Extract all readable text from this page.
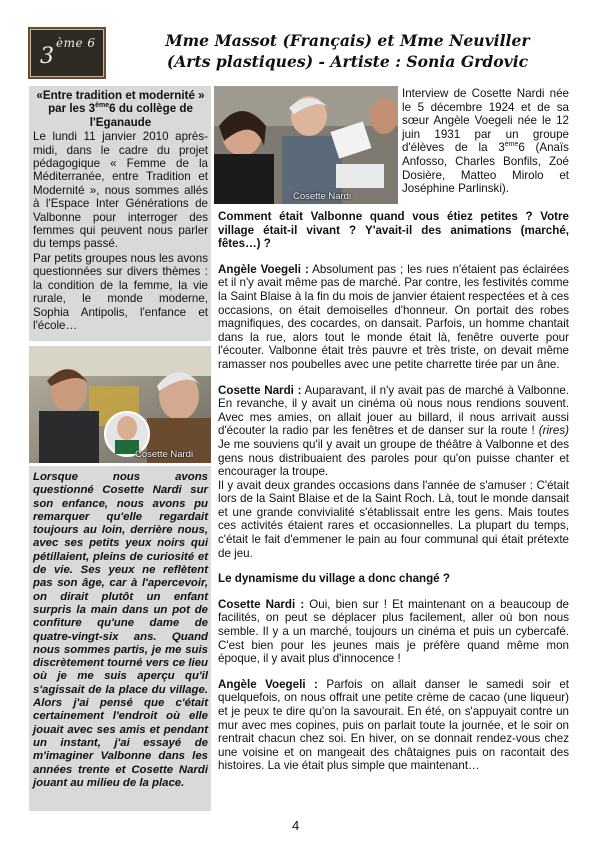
ème 6
3
Mme Massot (Français) et Mme Neuviller
(Arts plastiques) - Artiste : Sonia Grdovic

«Entre tradition et modernité »
par les 3ème6 du collège de l'Eganaude

Le lundi 11 janvier 2010 après-midi, dans le cadre du projet pédagogique « Femme de la Méditerranée, entre Tradition et Modernité », nous sommes allés à l'Espace Inter Générations de Valbonne pour interroger des femmes qui peuvent nous parler du temps passé.

Par petits groupes nous les avons questionnées sur divers thèmes : la condition de la femme, la vie rurale, le monde moderne, Sophia Antipolis, l'enfance et l'école…

Cosette Nardi
Lorsque nous avons questionné Cosette Nardi sur son enfance, nous avons pu remarquer qu'elle regardait toujours au loin, derrière nous, avec ses petits yeux noirs qui pétillaient, pleins de curiosité et de vie. Ses yeux ne reflètent pas son âge, car à l'apercevoir, on dirait plutôt un enfant surpris la main dans un pot de confiture qu'une dame de quatre-vingt-six ans. Quand nous sommes partis, je me suis discrètement tourné vers ce lieu où je me suis aperçu qu'il s'agissait de la place du village. Alors j'ai pensé que c'était certainement l'endroit où elle jouait avec ses amis et pendant un instant, j'ai essayé de m'imaginer Valbonne dans les années trente et Cosette Nardi jouant au milieu de la place.
Cosette Nardi
Interview de Cosette Nardi née le 5 décembre 1924 et de sa sœur Angèle Voegeli née le 12 juin 1931 par un groupe d'élèves de la 3ème6 (Anaïs Anfosso, Charles Bonfils, Zoé Dosière, Matteo Mirolo et Joséphine Parlinski).

Comment était Valbonne quand vous étiez petites ? Votre village était-il vivant ? Y'avait-il des animations (marché, fêtes…) ?

Angèle Voegeli : Absolument pas ; les rues n'étaient pas éclairées et il n'y avait même pas de marché. Par contre, les festivités comme la Saint Blaise à la fin du mois de janvier étaient respectées et à ces occasions, on était demoiselles d'honneur. On portait des robes magnifiques, des cocardes, on dansait. Parfois, un homme chantait dans la rue, alors tout le monde était là, fenêtre ouverte pour l'écouter. Valbonne était très pauvre et très triste, on devait même ramasser nos poubelles avec une petite charrette tirée par un âne.

Cosette Nardi : Auparavant, il n'y avait pas de marché à Valbonne. En revanche, il y avait un cinéma où nous nous rendions souvent. Avec mes amies, on allait jouer au billard, il nous arrivait aussi d'écouter la radio par les fenêtres et de danser sur la route ! (rires) Je me souviens qu'il y avait un groupe de théâtre à Valbonne et des gens nous distribuaient des paroles pour qu'on puisse chanter et encourager la troupe.

Il y avait deux grandes occasions dans l'année de s'amuser : C'était lors de la Saint Blaise et de la Saint Roch. Là, tout le monde dansait et une grande convivialité s'établissait entre les gens. Mais toutes ces activités étaient rares et occasionnelles. La plupart du temps, c'était le fait d'emmener le pain au four communal qui était prétexte de jeu.

Le dynamisme du village a donc changé ?

Cosette Nardi : Oui, bien sur ! Et maintenant on a beaucoup de facilités, on peut se déplacer plus facilement, aller où bon nous semble. Il y a un marché, toujours un cinéma et puis un cybercafé. C'est bien pour les jeunes mais je préfère quand même mon époque, il y avait plus d'innocence !

Angèle Voegeli : Parfois on allait danser le samedi soir et quelquefois, on nous offrait une petite crème de cacao (une liqueur) et je peux te dire qu'on la savourait. En été, on s'appuyait contre un mur avec mes copines, puis on parlait toute la journée, et le soir on rentrait chacun chez soi. En hiver, on se donnait rendez-vous chez une voisine et on mangeait des châtaignes puis on racontait des histoires. La vie était plus simple que maintenant…

4
